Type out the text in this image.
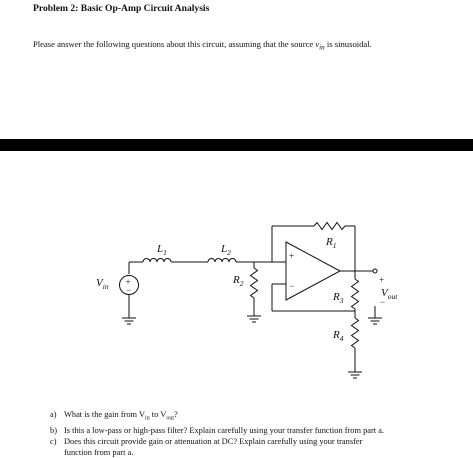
Problem 2: Basic Op-Amp Circuit Analysis
Please answer the following questions about this circuit, assuming that the source $v_{in}$ is sinusoidal.
$L_1$	$L_2$
$R_1$
$R_2$
$R_3$
$R_4$
$V_{in}$
$V_{out}$
+
−
+
−
+
−
a) What is the gain from $V_{in}$ to $V_{out}$?
b) Is this a low-pass or high-pass filter? Explain carefully using your transfer function from part a.
c) Does this circuit provide gain or attenuation at DC? Explain carefully using your transfer
function from part a.
